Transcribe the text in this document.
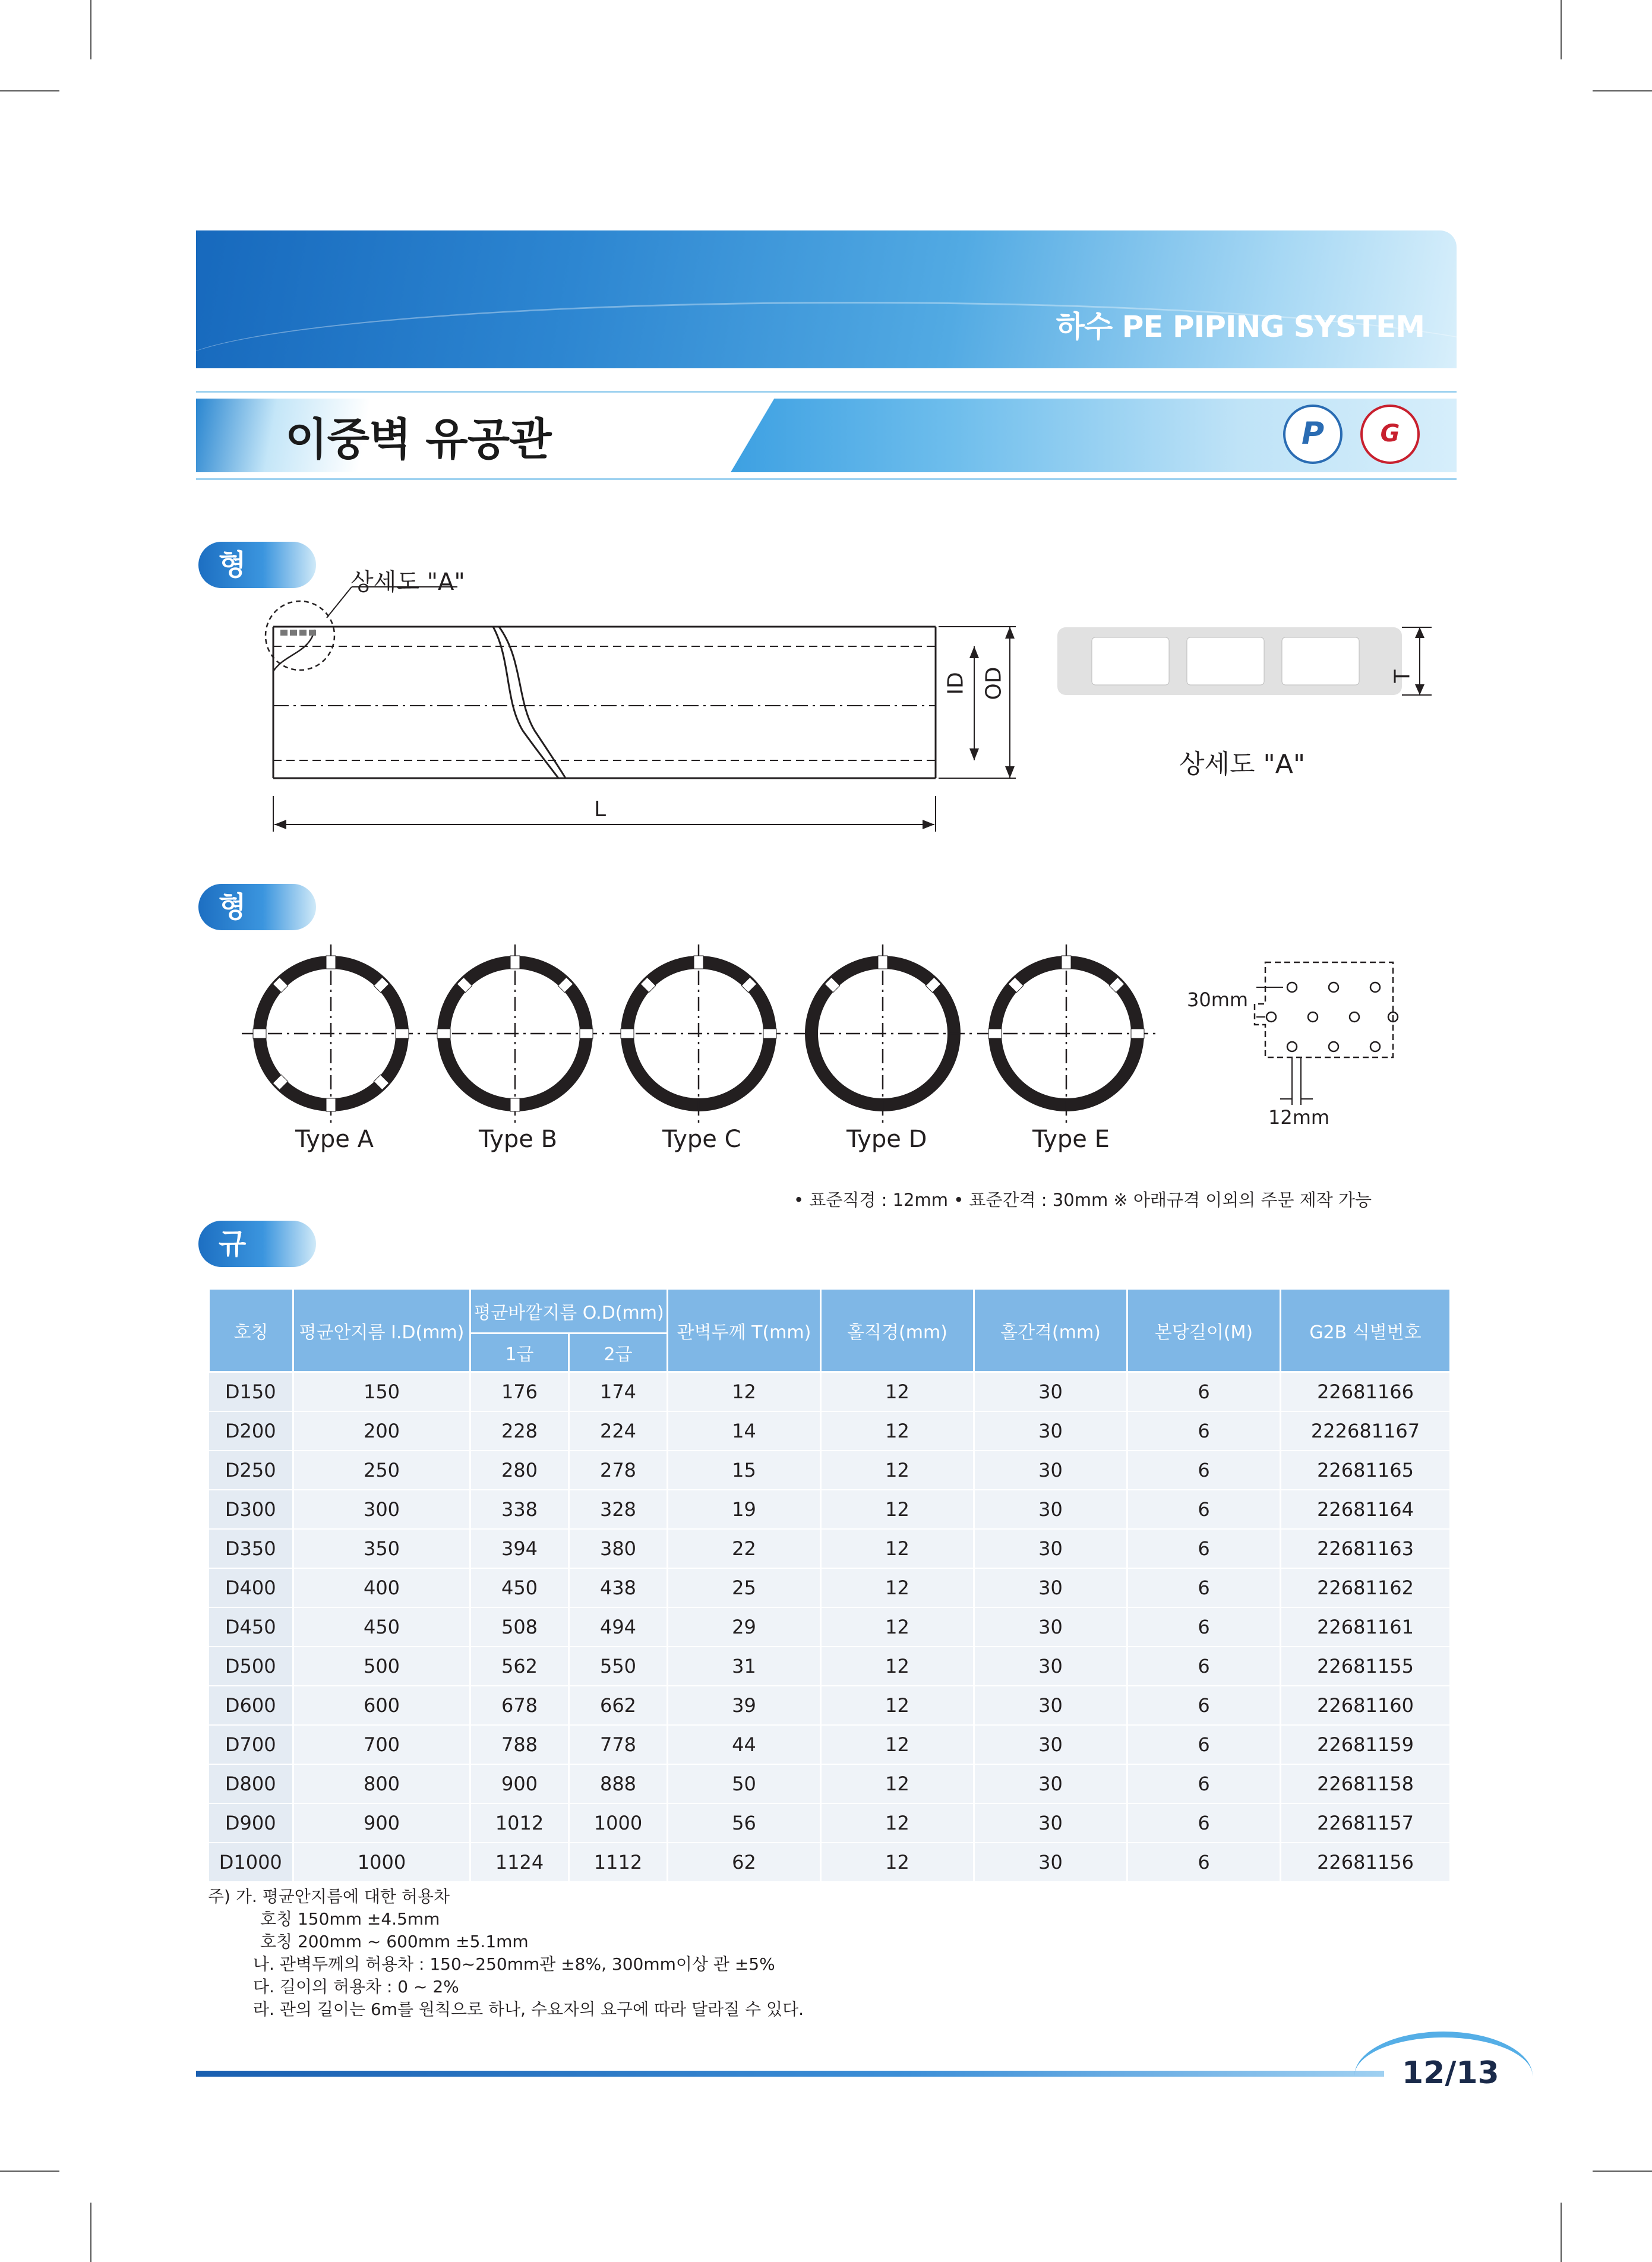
하수 PE PIPING SYSTEM
이중벽 유공관	P	G
형 상
상세도 "A"
ID OD
L
T
상세도 "A"
형 태
30mm
12mm
Type A	Type B	Type C	Type D	Type E
• 표준직경 : 12mm • 표준간격 : 30mm ※ 아래규격 이외의 주문 제작 가능
규
호칭	평균안지름 I.D(mm)	평균바깥지름 O.D(mm)		관벽두께 T(mm)	홀직경(mm)	홀간격(mm)	본당길이(M)	G2B 식별번호
		1급	2급					
D150	150	176	174	12	12	30	6	22681166
D200	200	228	224	14	12	30	6	222681167
D250	250	280	278	15	12	30	6	22681165
D300	300	338	328	19	12	30	6	22681164
D350	350	394	380	22	12	30	6	22681163
D400	400	450	438	25	12	30	6	22681162
D450	450	508	494	29	12	30	6	22681161
D500	500	562	550	31	12	30	6	22681155
D600	600	678	662	39	12	30	6	22681160
D700	700	788	778	44	12	30	6	22681159
D800	800	900	888	50	12	30	6	22681158
D900	900	1012	1000	56	12	30	6	22681157
D1000	1000	1124	1112	62	12	30	6	22681156
주) 가. 평균안지름에 대한 허용차
호칭 150mm ±4.5mm
호칭 200mm ~ 600mm ±5.1mm
나. 관벽두께의 허용차 : 150~250mm관 ±8%, 300mm이상 관 ±5%
다. 길이의 허용차 : 0 ~ 2%
라. 관의 길이는 6m를 원칙으로 하나, 수요자의 요구에 따라 달라질 수 있다.
12/13
